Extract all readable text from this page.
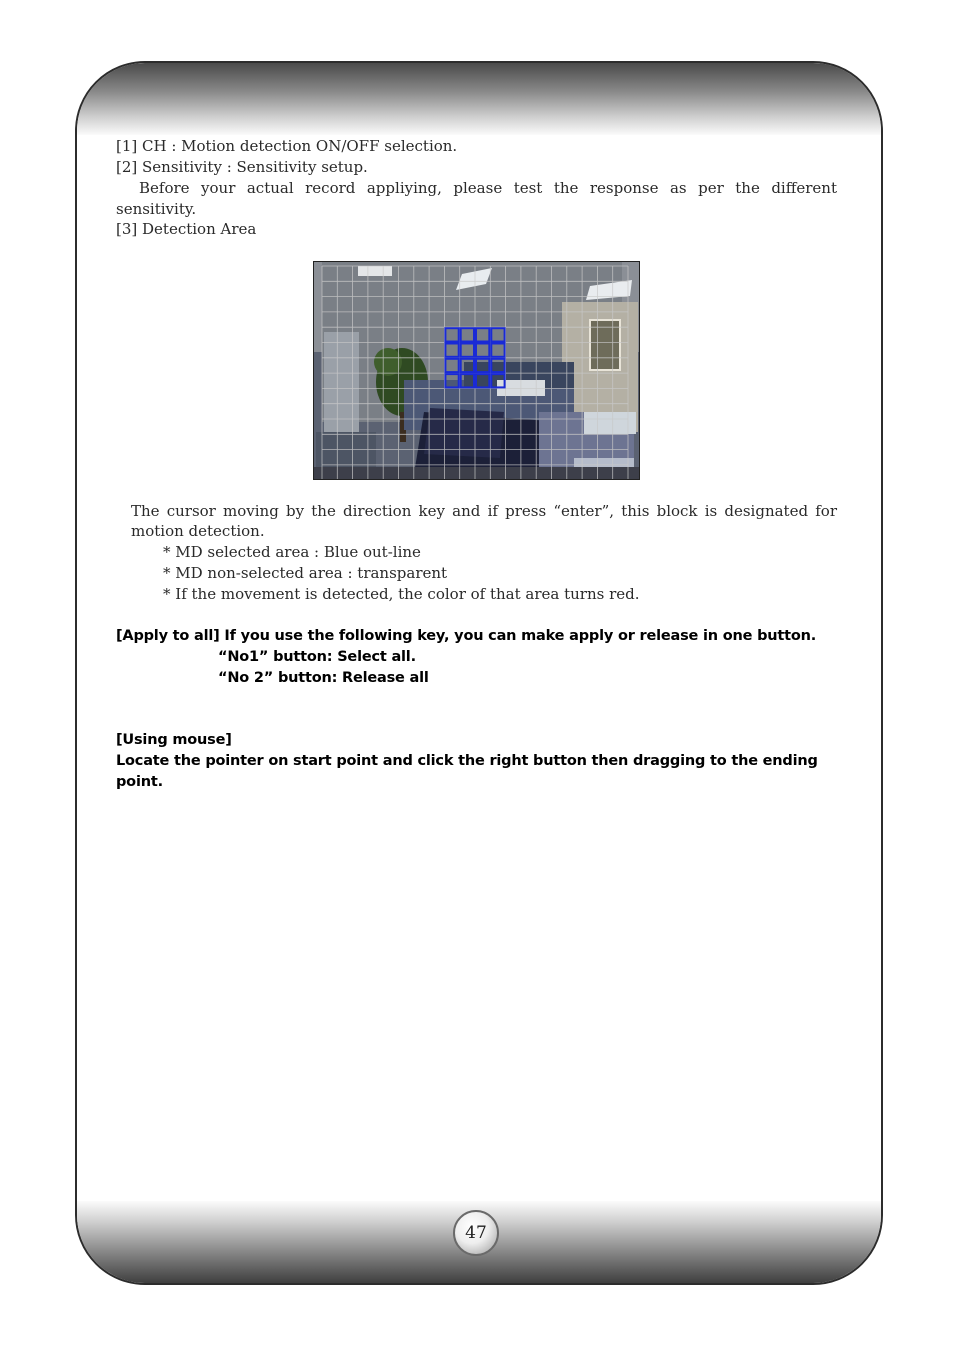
[1] CH : Motion detection ON/OFF selection.
[2] Sensitivity : Sensitivity setup.
Before your actual record appliying, please test the response as per the different
sensitivity.
[3] Detection Area
The cursor moving by the direction key and if press “enter”, this block is designated for
motion detection.
* MD selected area : Blue out-line
* MD non-selected area : transparent
* If the movement is detected, the color of that area turns red.
[Apply to all] If you use the following key, you can make apply or release in one button.
“No1” button: Select all.
“No 2” button: Release all
[Using mouse]
Locate the pointer on start point and click the right button then dragging to the ending
point.
47
